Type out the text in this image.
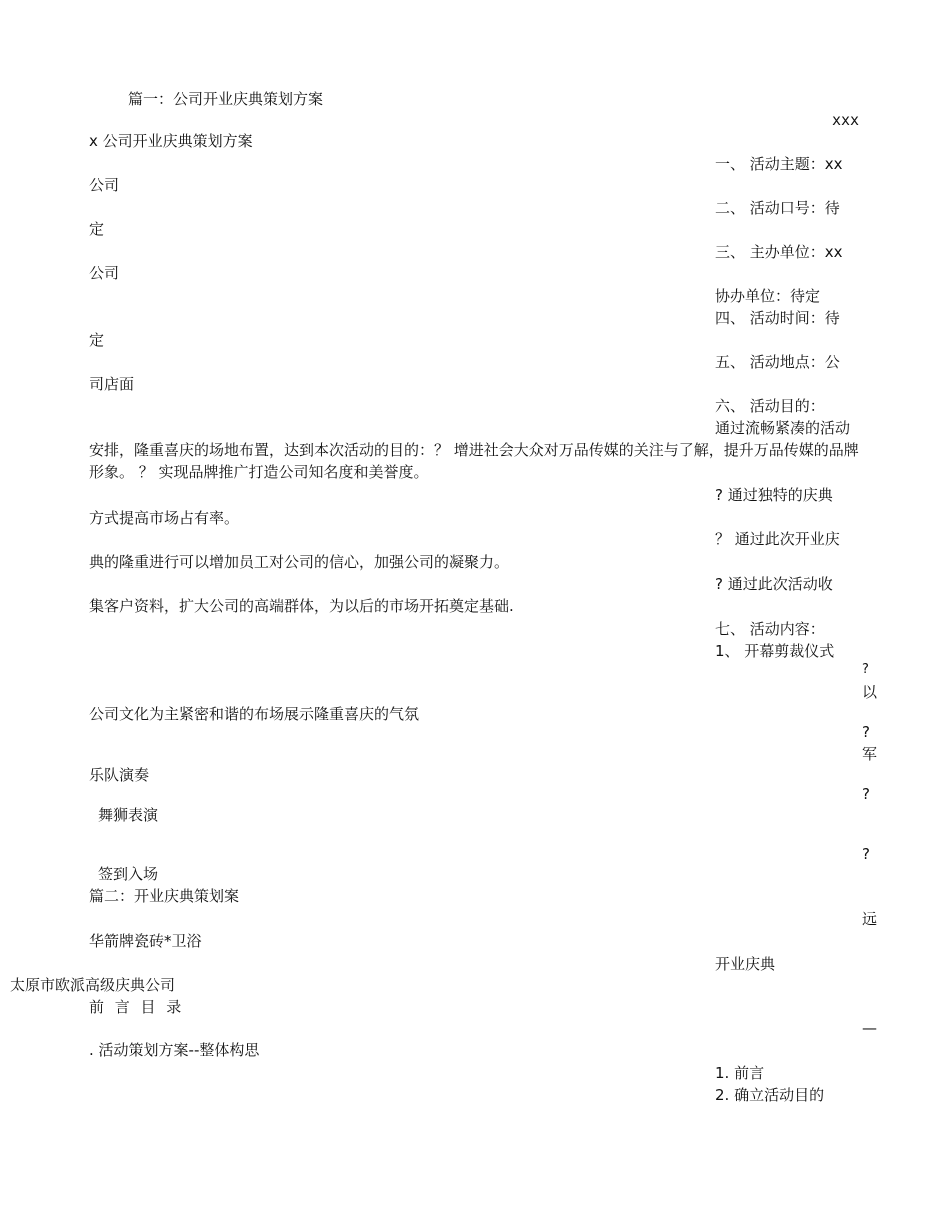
篇一：公司开业庆典策划方案
xxx
x 公司开业庆典策划方案
一、 活动主题：xx
公司
二、 活动口号：待
定
三、 主办单位：xx
公司
协办单位：待定
四、 活动时间：待
定
五、 活动地点：公
司店面
六、 活动目的：
通过流畅紧凑的活动
安排，隆重喜庆的场地布置，达到本次活动的目的：？ 增进社会大众对万品传媒的关注与了解，提升万品传媒的品牌形象。 ？ 实现品牌推广打造公司知名度和美誉度。
? 通过独特的庆典
方式提高市场占有率。
？ 通过此次开业庆
典的隆重进行可以增加员工对公司的信心，加强公司的凝聚力。
? 通过此次活动收
集客户资料，扩大公司的高端群体，为以后的市场开拓奠定基础.
七、 活动内容：
1、 开幕剪裁仪式
?
以
公司文化为主紧密和谐的布场展示隆重喜庆的气氛
?
军
乐队演奏
?
舞狮表演
?
签到入场
篇二：开业庆典策划案
远
华箭牌瓷砖*卫浴
开业庆典
太原市欧派高级庆典公司
前 言 目 录
—
. 活动策划方案--整体构思
1. 前言
2. 确立活动目的
